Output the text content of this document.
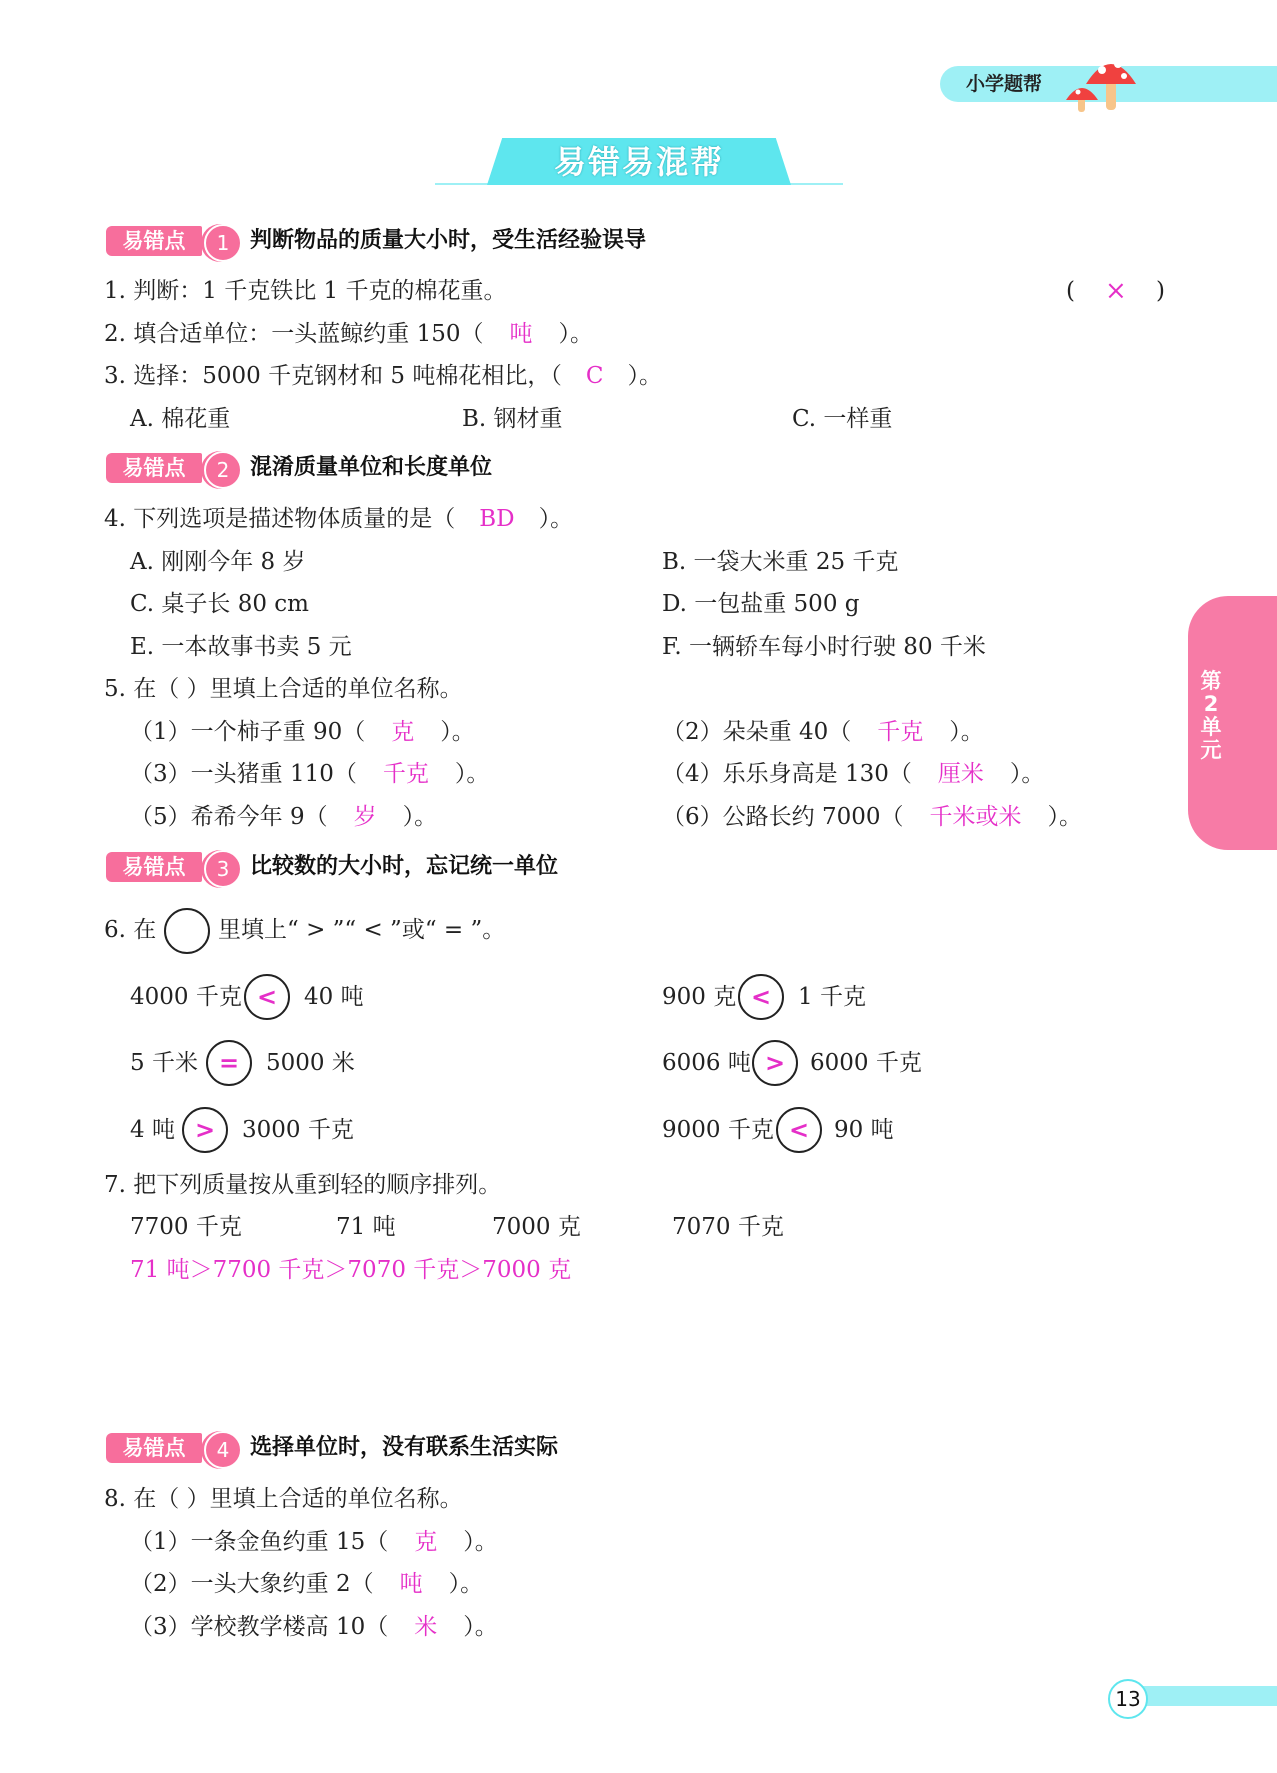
小学题帮
易错易混帮
第2单元
易错点	1 判断物品的质量大小时，受生活经验误导
1. 判断：1 千克铁比 1 千克的棉花重。	( × )
2. 填合适单位：一头蓝鲸约重 150（ 吨 ）。
3. 选择：5000 千克钢材和 5 吨棉花相比，（ C ）。
A. 棉花重	B. 钢材重	C. 一样重
易错点	2 混淆质量单位和长度单位
4. 下列选项是描述物体质量的是（ BD ）。
A. 刚刚今年 8 岁	B. 一袋大米重 25 千克
C. 桌子长 80 cm	D. 一包盐重 500 g
E. 一本故事书卖 5 元	F. 一辆轿车每小时行驶 80 千米
5. 在（ ）里填上合适的单位名称。
（1）一个柿子重 90（ 克 ）。	（2）朵朵重 40（ 千克 ）。
（3）一头猪重 110（ 千克 ）。	（4）乐乐身高是 130（ 厘米 ）。
（5）希希今年 9（ 岁 ）。	（6）公路长约 7000（ 千米或米 ）。
易错点	3 比较数的大小时，忘记统一单位
6. 在	里填上“ > ”“ < ”或“ = ”。
4000 千克 <	40 吨	900 克 <	1 千克
5 千米 =	5000 米	6006 吨 >	6000 千克
4 吨 >	3000 千克	9000 千克 <	90 吨
7. 把下列质量按从重到轻的顺序排列。
7700 千克	71 吨	7000 克	7070 千克
71 吨＞7700 千克＞7070 千克＞7000 克
易错点	4 选择单位时，没有联系生活实际
8. 在（ ）里填上合适的单位名称。
（1）一条金鱼约重 15（ 克 ）。
（2）一头大象约重 2（ 吨 ）。
（3）学校教学楼高 10（ 米 ）。
13
